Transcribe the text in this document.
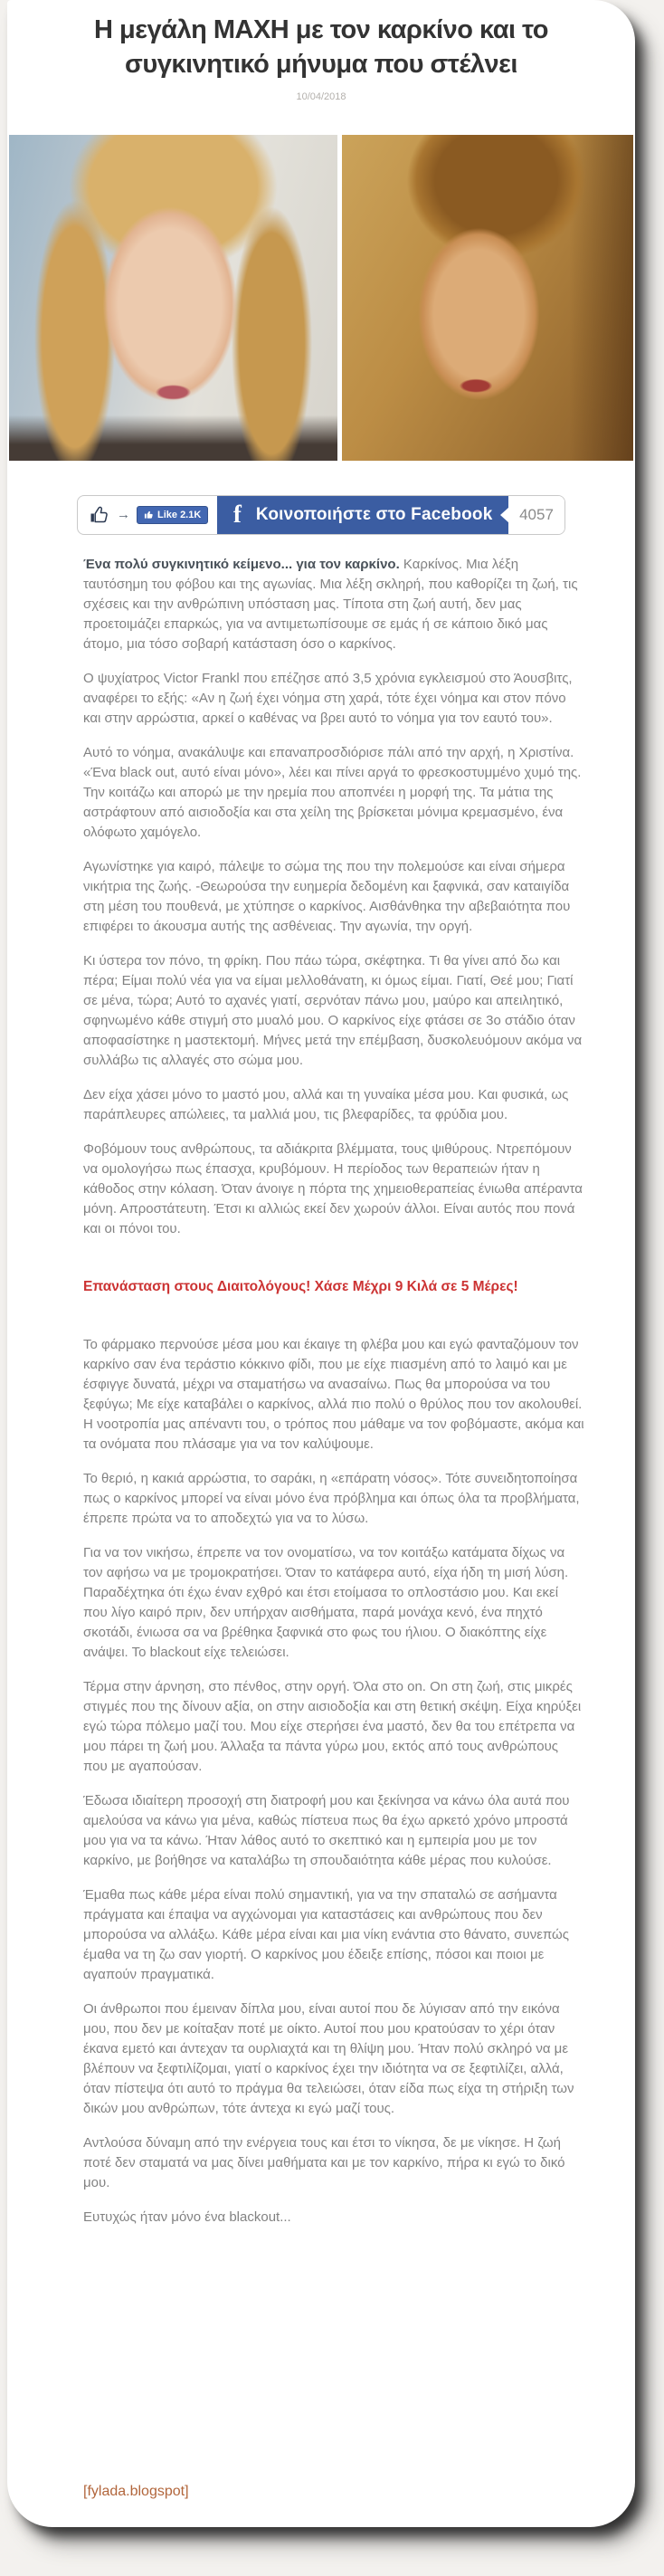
Η μεγάλη ΜΑΧΗ με τον καρκίνο και το συγκινητικό μήνυμα που στέλνει
10/04/2018
→	Like 2.1K f Κοινοποιήστε στο Facebook 4057

Ένα πολύ συγκινητικό κείμενο... για τον καρκίνο. Καρκίνος. Μια λέξη ταυτόσημη του φόβου και της αγωνίας. Μια λέξη σκληρή, που καθορίζει τη ζωή, τις σχέσεις και την ανθρώπινη υπόσταση μας. Τίποτα στη ζωή αυτή, δεν μας προετοιμάζει επαρκώς, για να αντιμετωπίσουμε σε εμάς ή σε κάποιο δικό μας άτομο, μια τόσο σοβαρή κατάσταση όσο ο καρκίνος.

Ο ψυχίατρος Victor Frankl που επέζησε από 3,5 χρόνια εγκλεισμού στο Άουσβιτς, αναφέρει το εξής: «Αν η ζωή έχει νόημα στη χαρά, τότε έχει νόημα και στον πόνο και στην αρρώστια, αρκεί ο καθένας να βρει αυτό το νόημα για τον εαυτό του».

Αυτό το νόημα, ανακάλυψε και επαναπροσδιόρισε πάλι από την αρχή, η Χριστίνα. «Ένα black out, αυτό είναι μόνο», λέει και πίνει αργά το φρεσκοστυμμένο χυμό της. Την κοιτάζω και απορώ με την ηρεμία που αποπνέει η μορφή της. Τα μάτια της αστράφτουν από αισιοδοξία και στα χείλη της βρίσκεται μόνιμα κρεμασμένο, ένα ολόφωτο χαμόγελο.

Αγωνίστηκε για καιρό, πάλεψε το σώμα της που την πολεμούσε και είναι σήμερα νικήτρια της ζωής. -Θεωρούσα την ευημερία δεδομένη και ξαφνικά, σαν καταιγίδα στη μέση του πουθενά, με χτύπησε ο καρκίνος. Αισθάνθηκα την αβεβαιότητα που επιφέρει το άκουσμα αυτής της ασθένειας. Την αγωνία, την οργή.

Κι ύστερα τον πόνο, τη φρίκη. Που πάω τώρα, σκέφτηκα. Τι θα γίνει από δω και πέρα; Είμαι πολύ νέα για να είμαι μελλοθάνατη, κι όμως είμαι. Γιατί, Θεέ μου; Γιατί σε μένα, τώρα; Αυτό το αχανές γιατί, σερνόταν πάνω μου, μαύρο και απειλητικό, σφηνωμένο κάθε στιγμή στο μυαλό μου. Ο καρκίνος είχε φτάσει σε 3ο στάδιο όταν αποφασίστηκε η μαστεκτομή. Μήνες μετά την επέμβαση, δυσκολευόμουν ακόμα να συλλάβω τις αλλαγές στο σώμα μου.

Δεν είχα χάσει μόνο το μαστό μου, αλλά και τη γυναίκα μέσα μου. Και φυσικά, ως παράπλευρες απώλειες, τα μαλλιά μου, τις βλεφαρίδες, τα φρύδια μου.

Φοβόμουν τους ανθρώπους, τα αδιάκριτα βλέμματα, τους ψιθύρους. Ντρεπόμουν να ομολογήσω πως έπασχα, κρυβόμουν. Η περίοδος των θεραπειών ήταν η κάθοδος στην κόλαση. Όταν άνοιγε η πόρτα της χημειοθεραπείας ένιωθα απέραντα μόνη. Απροστάτευτη. Έτσι κι αλλιώς εκεί δεν χωρούν άλλοι. Είναι αυτός που πονά και οι πόνοι του.

Επανάσταση στους Διαιτολόγους! Χάσε Μέχρι 9 Κιλά σε 5 Μέρες!

Το φάρμακο περνούσε μέσα μου και έκαιγε τη φλέβα μου και εγώ φανταζόμουν τον καρκίνο σαν ένα τεράστιο κόκκινο φίδι, που με είχε πιασμένη από το λαιμό και με έσφιγγε δυνατά, μέχρι να σταματήσω να ανασαίνω. Πως θα μπορούσα να του ξεφύγω; Με είχε καταβάλει ο καρκίνος, αλλά πιο πολύ ο θρύλος που τον ακολουθεί. Η νοοτροπία μας απέναντι του, ο τρόπος που μάθαμε να τον φοβόμαστε, ακόμα και τα ονόματα που πλάσαμε για να τον καλύψουμε.

Το θεριό, η κακιά αρρώστια, το σαράκι, η «επάρατη νόσος». Τότε συνειδητοποίησα πως ο καρκίνος μπορεί να είναι μόνο ένα πρόβλημα και όπως όλα τα προβλήματα, έπρεπε πρώτα να το αποδεχτώ για να το λύσω.

Για να τον νικήσω, έπρεπε να τον ονοματίσω, να τον κοιτάξω κατάματα δίχως να τον αφήσω να με τρομοκρατήσει. Όταν το κατάφερα αυτό, είχα ήδη τη μισή λύση. Παραδέχτηκα ότι έχω έναν εχθρό και έτσι ετοίμασα το οπλοστάσιο μου. Και εκεί που λίγο καιρό πριν, δεν υπήρχαν αισθήματα, παρά μονάχα κενό, ένα πηχτό σκοτάδι, ένιωσα σα να βρέθηκα ξαφνικά στο φως του ήλιου. Ο διακόπτης είχε ανάψει. Το blackout είχε τελειώσει.

Τέρμα στην άρνηση, στο πένθος, στην οργή. Όλα στο on. On στη ζωή, στις μικρές στιγμές που της δίνουν αξία, on στην αισιοδοξία και στη θετική σκέψη. Είχα κηρύξει εγώ τώρα πόλεμο μαζί του. Μου είχε στερήσει ένα μαστό, δεν θα του επέτρεπα να μου πάρει τη ζωή μου. Άλλαξα τα πάντα γύρω μου, εκτός από τους ανθρώπους που με αγαπούσαν.

Έδωσα ιδιαίτερη προσοχή στη διατροφή μου και ξεκίνησα να κάνω όλα αυτά που αμελούσα να κάνω για μένα, καθώς πίστευα πως θα έχω αρκετό χρόνο μπροστά μου για να τα κάνω. Ήταν λάθος αυτό το σκεπτικό και η εμπειρία μου με τον καρκίνο, με βοήθησε να καταλάβω τη σπουδαιότητα κάθε μέρας που κυλούσε.

Έμαθα πως κάθε μέρα είναι πολύ σημαντική, για να την σπαταλώ σε ασήμαντα πράγματα και έπαψα να αγχώνομαι για καταστάσεις και ανθρώπους που δεν μπορούσα να αλλάξω. Κάθε μέρα είναι και μια νίκη ενάντια στο θάνατο, συνεπώς έμαθα να τη ζω σαν γιορτή. Ο καρκίνος μου έδειξε επίσης, πόσοι και ποιοι με αγαπούν πραγματικά.

Οι άνθρωποι που έμειναν δίπλα μου, είναι αυτοί που δε λύγισαν από την εικόνα μου, που δεν με κοίταξαν ποτέ με οίκτο. Αυτοί που μου κρατούσαν το χέρι όταν έκανα εμετό και άντεχαν τα ουρλιαχτά και τη θλίψη μου. Ήταν πολύ σκληρό να με βλέπουν να ξεφτιλίζομαι, γιατί ο καρκίνος έχει την ιδιότητα να σε ξεφτιλίζει, αλλά, όταν πίστεψα ότι αυτό το πράγμα θα τελειώσει, όταν είδα πως είχα τη στήριξη των δικών μου ανθρώπων, τότε άντεχα κι εγώ μαζί τους.

Αντλούσα δύναμη από την ενέργεια τους και έτσι το νίκησα, δε με νίκησε. Η ζωή ποτέ δεν σταματά να μας δίνει μαθήματα και με τον καρκίνο, πήρα κι εγώ το δικό μου.

Ευτυχώς ήταν μόνο ένα blackout...

[fylada.blogspot]
